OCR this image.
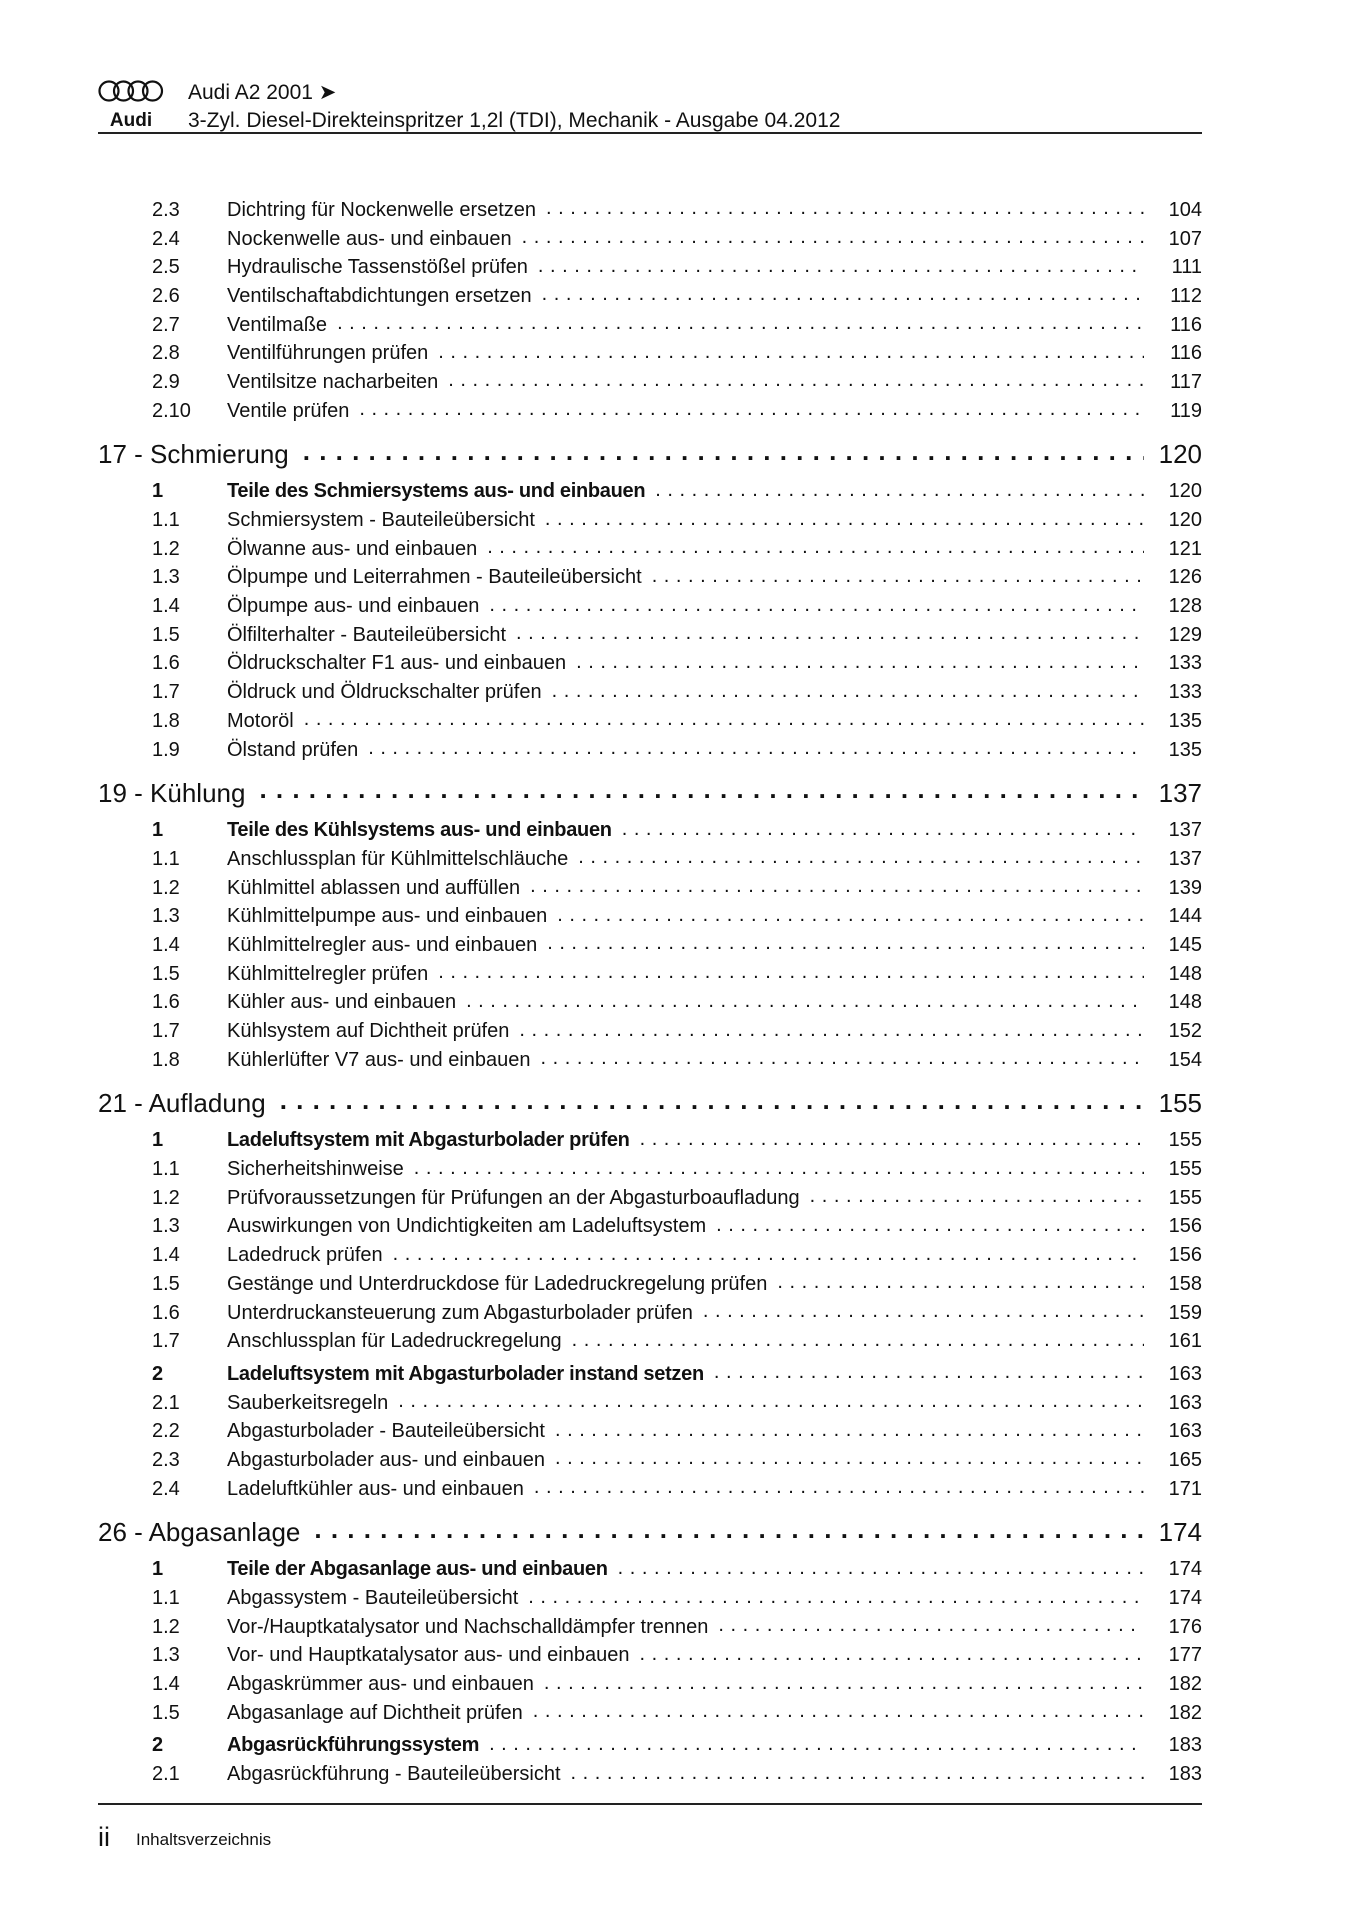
Audi
Audi A2 2001 ➤
3-Zyl. Diesel-Direkteinspritzer 1,2l (TDI), Mechanik - Ausgabe 04.2012
2.3	Dichtring für Nockenwelle ersetzen . . .	104
2.4	Nockenwelle aus- und einbauen . . .	107
2.5	Hydraulische Tassenstößel prüfen . . .	111
2.6	Ventilschaftabdichtungen ersetzen . . .	112
2.7	Ventilmaße . . .	116
2.8	Ventilführungen prüfen . . .	116
2.9	Ventilsitze nacharbeiten . . .	117
2.10	Ventile prüfen . . .	119
17 - Schmierung . . .	120
1	Teile des Schmiersystems aus- und einbauen . . .	120
1.1	Schmiersystem - Bauteileübersicht . . .	120
1.2	Ölwanne aus- und einbauen . . .	121
1.3	Ölpumpe und Leiterrahmen - Bauteileübersicht . . .	126
1.4	Ölpumpe aus- und einbauen . . .	128
1.5	Ölfilterhalter - Bauteileübersicht . . .	129
1.6	Öldruckschalter F1 aus- und einbauen . . .	133
1.7	Öldruck und Öldruckschalter prüfen . . .	133
1.8	Motoröl . . .	135
1.9	Ölstand prüfen . . .	135
19 - Kühlung . . .	137
1	Teile des Kühlsystems aus- und einbauen . . .	137
1.1	Anschlussplan für Kühlmittelschläuche . . .	137
1.2	Kühlmittel ablassen und auffüllen . . .	139
1.3	Kühlmittelpumpe aus- und einbauen . . .	144
1.4	Kühlmittelregler aus- und einbauen . . .	145
1.5	Kühlmittelregler prüfen . . .	148
1.6	Kühler aus- und einbauen . . .	148
1.7	Kühlsystem auf Dichtheit prüfen . . .	152
1.8	Kühlerlüfter V7 aus- und einbauen . . .	154
21 - Aufladung . . .	155
1	Ladeluftsystem mit Abgasturbolader prüfen . . .	155
1.1	Sicherheitshinweise . . .	155
1.2	Prüfvoraussetzungen für Prüfungen an der Abgasturboaufladung . . .	155
1.3	Auswirkungen von Undichtigkeiten am Ladeluftsystem . . .	156
1.4	Ladedruck prüfen . . .	156
1.5	Gestänge und Unterdruckdose für Ladedruckregelung prüfen . . .	158
1.6	Unterdruckansteuerung zum Abgasturbolader prüfen . . .	159
1.7	Anschlussplan für Ladedruckregelung . . .	161
2	Ladeluftsystem mit Abgasturbolader instand setzen . . .	163
2.1	Sauberkeitsregeln . . .	163
2.2	Abgasturbolader - Bauteileübersicht . . .	163
2.3	Abgasturbolader aus- und einbauen . . .	165
2.4	Ladeluftkühler aus- und einbauen . . .	171
26 - Abgasanlage . . .	174
1	Teile der Abgasanlage aus- und einbauen . . .	174
1.1	Abgassystem - Bauteileübersicht . . .	174
1.2	Vor-/Hauptkatalysator und Nachschalldämpfer trennen . . .	176
1.3	Vor- und Hauptkatalysator aus- und einbauen . . .	177
1.4	Abgaskrümmer aus- und einbauen . . .	182
1.5	Abgasanlage auf Dichtheit prüfen . . .	182
2	Abgasrückführungssystem . . .	183
2.1	Abgasrückführung - Bauteileübersicht . . .	183
ii Inhaltsverzeichnis
